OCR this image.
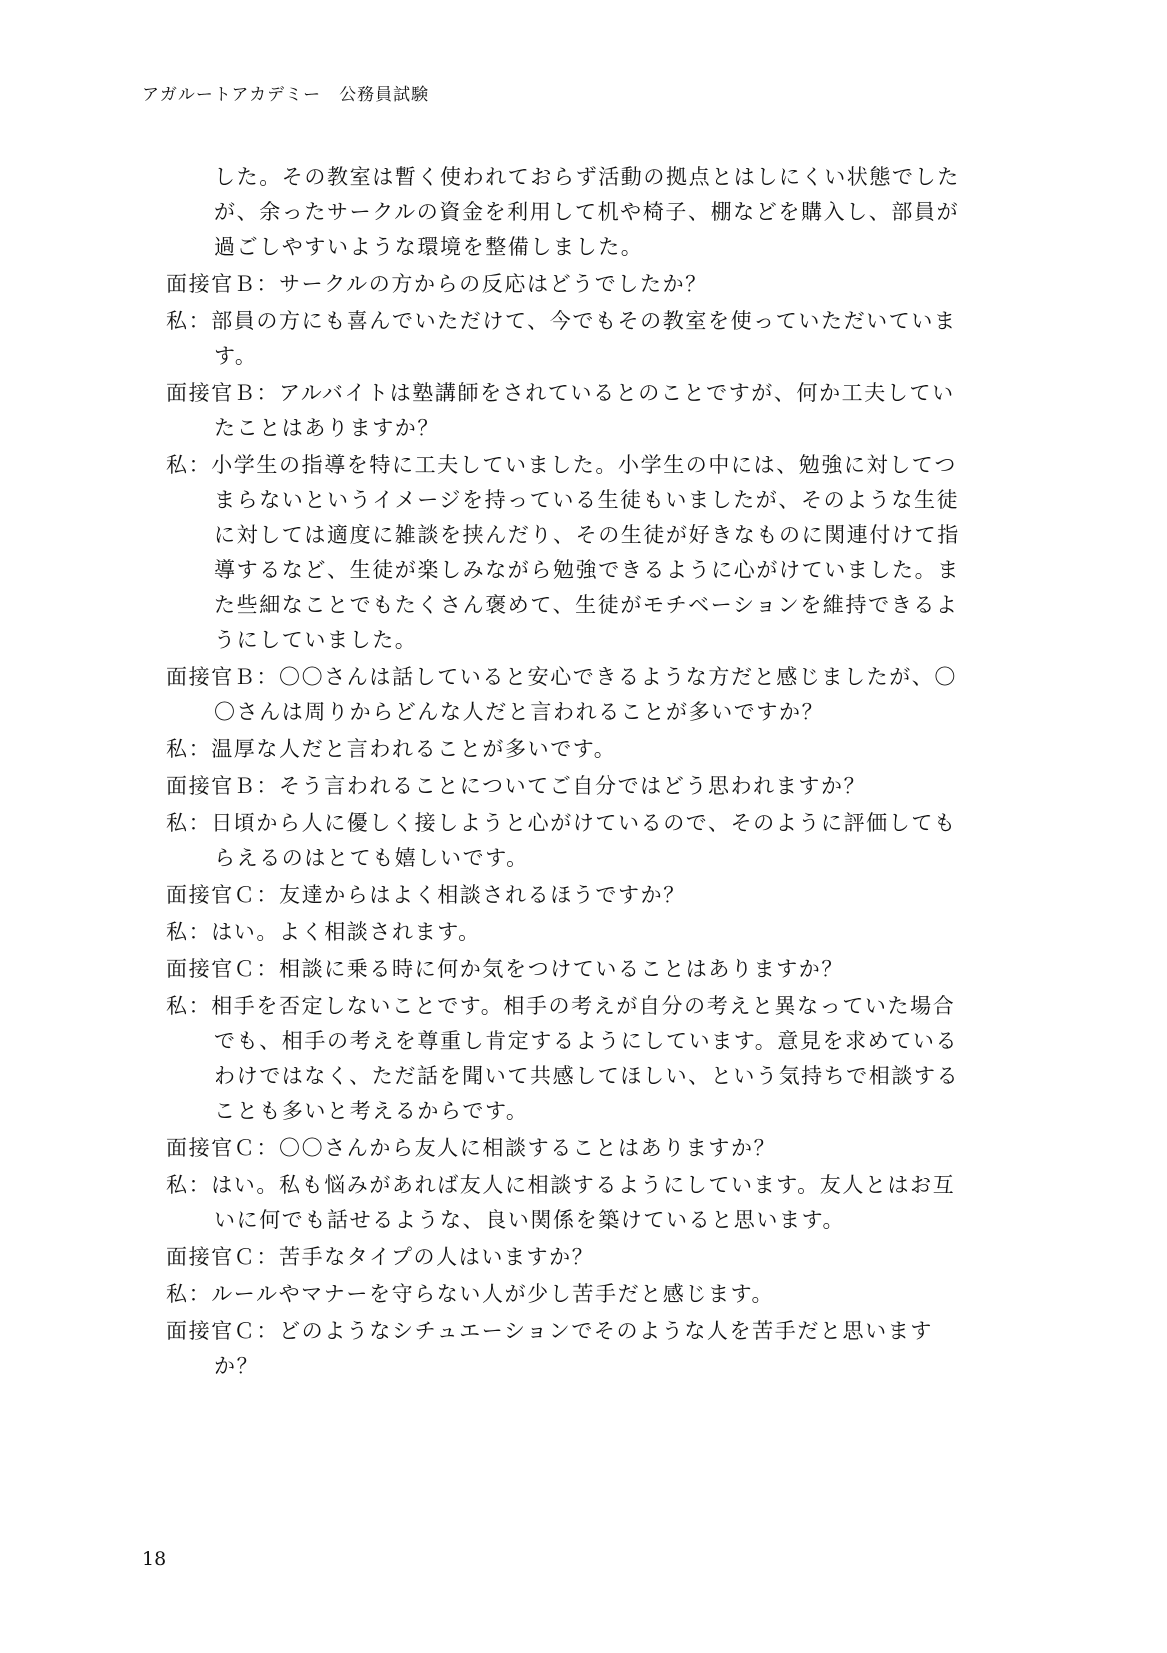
アガルートアカデミー　公務員試験
した。その教室は暫く使われておらず活動の拠点とはしにくい状態でした
が、余ったサークルの資金を利用して机や椅子、棚などを購入し、部員が
過ごしやすいような環境を整備しました。
面接官Ｂ：サークルの方からの反応はどうでしたか？
私：部員の方にも喜んでいただけて、今でもその教室を使っていただいていま
す。
面接官Ｂ：アルバイトは塾講師をされているとのことですが、何か工夫してい
たことはありますか？
私：小学生の指導を特に工夫していました。小学生の中には、勉強に対してつ
まらないというイメージを持っている生徒もいましたが、そのような生徒
に対しては適度に雑談を挟んだり、その生徒が好きなものに関連付けて指
導するなど、生徒が楽しみながら勉強できるように心がけていました。ま
た些細なことでもたくさん褒めて、生徒がモチベーションを維持できるよ
うにしていました。
面接官Ｂ：〇〇さんは話していると安心できるような方だと感じましたが、〇
〇さんは周りからどんな人だと言われることが多いですか？
私：温厚な人だと言われることが多いです。
面接官Ｂ：そう言われることについてご自分ではどう思われますか？
私：日頃から人に優しく接しようと心がけているので、そのように評価しても
らえるのはとても嬉しいです。
面接官Ｃ：友達からはよく相談されるほうですか？
私：はい。よく相談されます。
面接官Ｃ：相談に乗る時に何か気をつけていることはありますか？
私：相手を否定しないことです。相手の考えが自分の考えと異なっていた場合
でも、相手の考えを尊重し肯定するようにしています。意見を求めている
わけではなく、ただ話を聞いて共感してほしい、という気持ちで相談する
ことも多いと考えるからです。
面接官Ｃ：〇〇さんから友人に相談することはありますか？
私：はい。私も悩みがあれば友人に相談するようにしています。友人とはお互
いに何でも話せるような、良い関係を築けていると思います。
面接官Ｃ：苦手なタイプの人はいますか？
私：ルールやマナーを守らない人が少し苦手だと感じます。
面接官Ｃ：どのようなシチュエーションでそのような人を苦手だと思います
か？
18
